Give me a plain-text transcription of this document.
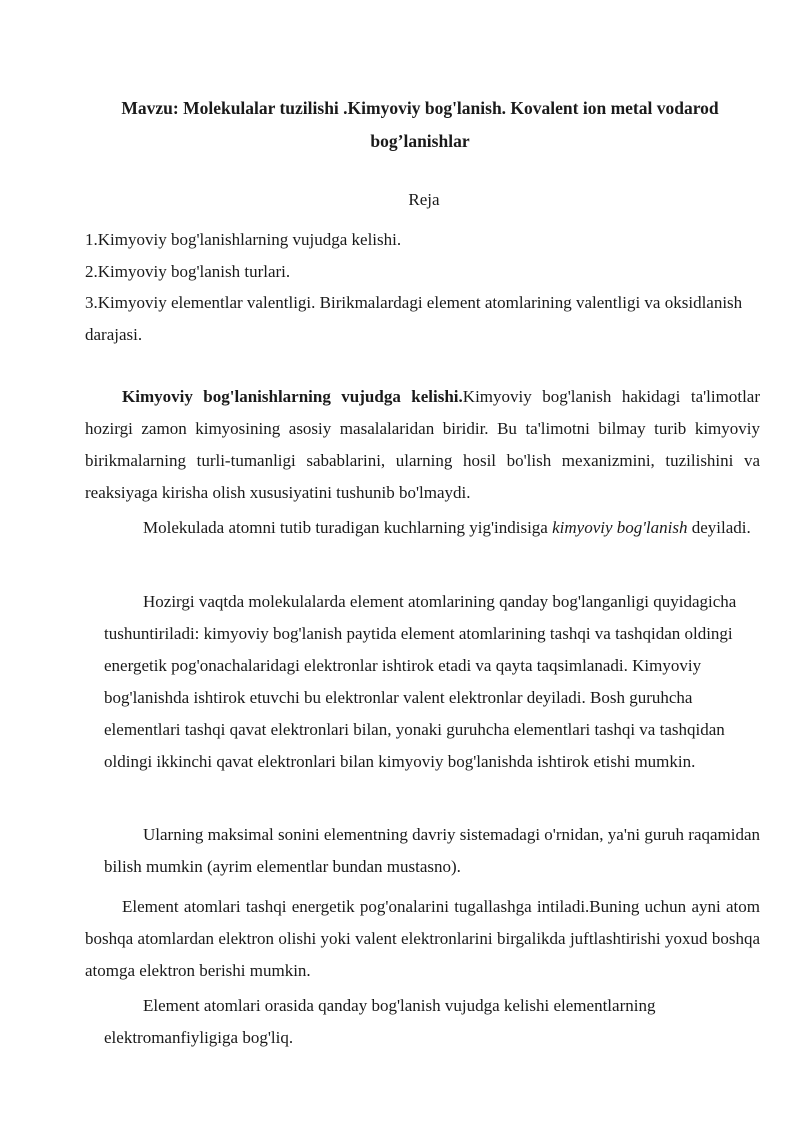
Mavzu: Molekulalar tuzilishi .Kimyoviy bog'lanish. Kovalent ion metal vodarod bog’lanishlar
Reja
1.Kimyoviy bog'lanishlarning vujudga kelishi.
2.Kimyoviy bog'lanish turlari.
3.Kimyoviy elementlar valentligi. Birikmalardagi element atomlarining valentligi va oksidlanish darajasi.
Kimyoviy bog'lanishlarning vujudga kelishi.Kimyoviy bog'lanish hakidagi ta'limotlar hozirgi zamon kimyosining asosiy masalalaridan biridir. Bu ta'limotni bilmay turib kimyoviy birikmalarning turli-tumanligi sabablarini, ularning hosil bo'lish mexanizmini, tuzilishini va reaksiyaga kirisha olish xususiyatini tushunib bo'lmaydi.
Molekulada atomni tutib turadigan kuchlarning yig'indisiga kimyoviy bog'lanish deyiladi.
Hozirgi vaqtda molekulalarda element atomlarining qanday bog'langanligi quyidagicha tushuntiriladi: kimyoviy bog'lanish paytida element atomlarining tashqi va tashqidan oldingi energetik pog'onachalaridagi elektronlar ishtirok etadi va qayta taqsimlanadi. Kimyoviy bog'lanishda ishtirok etuvchi bu elektronlar valent elektronlar deyiladi. Bosh guruhcha elementlari tashqi qavat elektronlari bilan, yonaki guruhcha elementlari tashqi va tashqidan oldingi ikkinchi qavat elektronlari bilan kimyoviy bog'lanishda ishtirok etishi mumkin.
Ularning maksimal sonini elementning davriy sistemadagi o'rnidan, ya'ni guruh raqamidan bilish mumkin (ayrim elementlar bundan mustasno).
Element atomlari tashqi energetik pog'onalarini tugallashga intiladi.Buning uchun ayni atom boshqa atomlardan elektron olishi yoki valent elektronlarini birgalikda juftlashtirishi yoxud boshqa atomga elektron berishi mumkin.
Element atomlari orasida qanday bog'lanish vujudga kelishi elementlarning elektromanfiyligiga bog'liq.
